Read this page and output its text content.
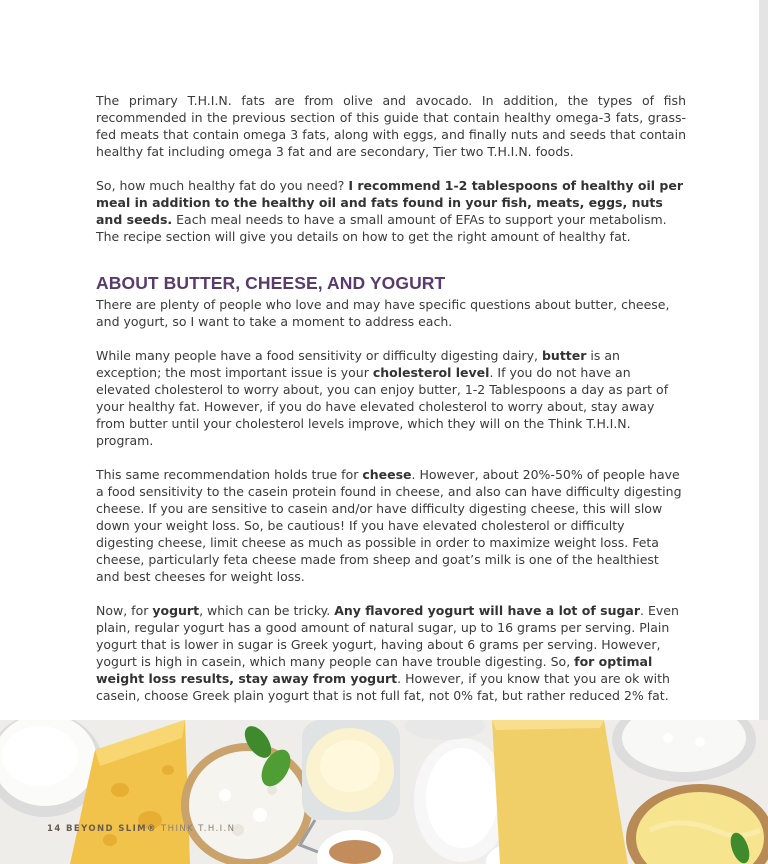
The primary T.H.I.N. fats are from olive and avocado. In addition, the types of fish recommended in the previous section of this guide that contain healthy omega-3 fats, grass-fed meats that contain omega 3 fats, along with eggs, and finally nuts and seeds that contain healthy fat including omega 3 fat and are secondary, Tier two T.H.I.N. foods.

So, how much healthy fat do you need? I recommend 1-2 tablespoons of healthy oil per meal in addition to the healthy oil and fats found in your fish, meats, eggs, nuts and seeds. Each meal needs to have a small amount of EFAs to support your metabolism. The recipe section will give you details on how to get the right amount of healthy fat.

ABOUT BUTTER, CHEESE, AND YOGURT

There are plenty of people who love and may have specific questions about butter, cheese, and yogurt, so I want to take a moment to address each.

While many people have a food sensitivity or difficulty digesting dairy, butter is an exception; the most important issue is your cholesterol level. If you do not have an elevated cholesterol to worry about, you can enjoy butter, 1-2 Tablespoons a day as part of your healthy fat. However, if you do have elevated cholesterol to worry about, stay away from butter until your cholesterol levels improve, which they will on the Think T.H.I.N. program.

This same recommendation holds true for cheese. However, about 20%-50% of people have a food sensitivity to the casein protein found in cheese, and also can have difficulty digesting cheese. If you are sensitive to casein and/or have difficulty digesting cheese, this will slow down your weight loss. So, be cautious! If you have elevated cholesterol or difficulty digesting cheese, limit cheese as much as possible in order to maximize weight loss. Feta cheese, particularly feta cheese made from sheep and goat’s milk is one of the healthiest and best cheeses for weight loss.

Now, for yogurt, which can be tricky. Any flavored yogurt will have a lot of sugar. Even plain, regular yogurt has a good amount of natural sugar, up to 16 grams per serving. Plain yogurt that is lower in sugar is Greek yogurt, having about 6 grams per serving. However, yogurt is high in casein, which many people can have trouble digesting. So, for optimal weight loss results, stay away from yogurt. However, if you know that you are ok with casein, choose Greek plain yogurt that is not full fat, not 0% fat, but rather reduced 2% fat.

14 BEYOND SLIM® THINK T.H.I.N
